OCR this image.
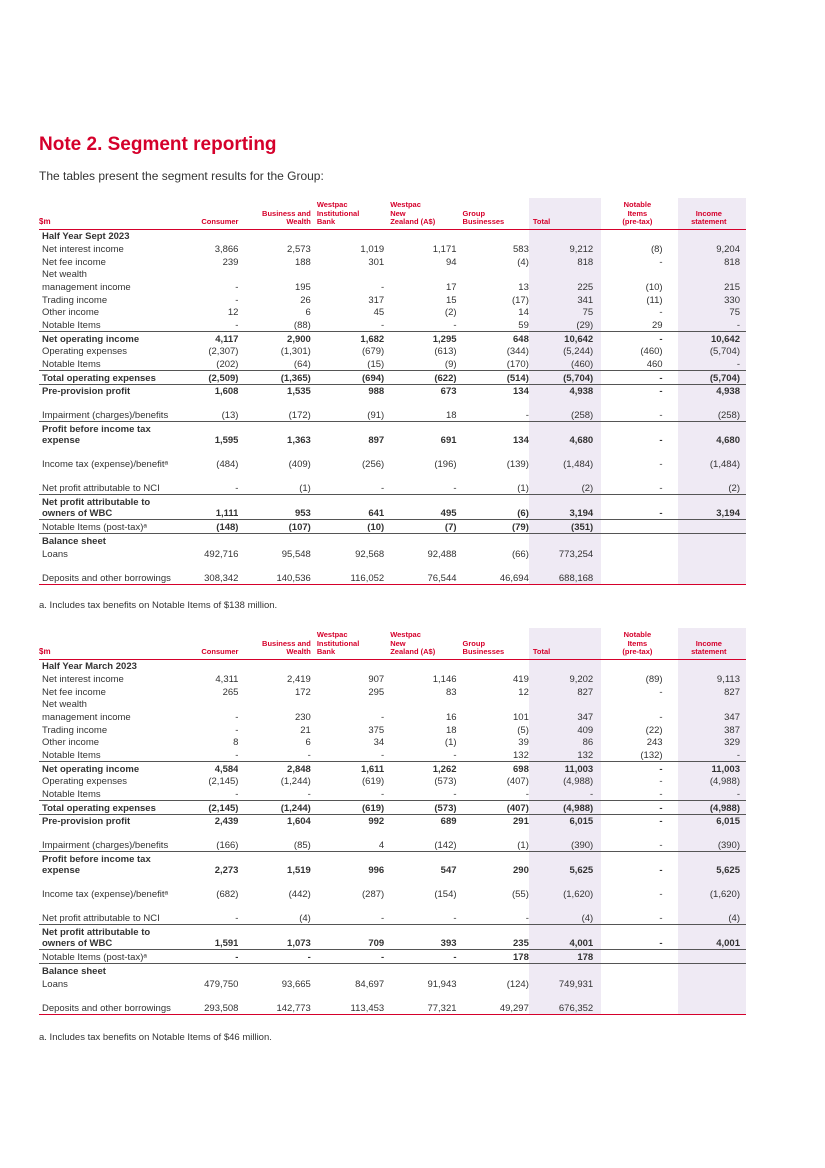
Note 2. Segment reporting

The tables present the segment results for the Group:

$m	Consumer	Business and
Wealth	Westpac
Institutional
Bank	Westpac
New
Zealand (A$)	Group
Businesses	Total	Notable
Items
(pre-tax)		Income
statement
Half Year Sept 2023									
Net interest income	3,866	2,573	1,019	1,171	583	9,212	(8)		9,204
Net fee income	239	188	301	94	(4)	818	-		818
Net wealth									
management income	-	195	-	17	13	225	(10)		215
Trading income	-	26	317	15	(17)	341	(11)		330
Other income	12	6	45	(2)	14	75	-		75
Notable Items	-	(88)	-	-	59	(29)	29		-
Net operating income	4,117	2,900	1,682	1,295	648	10,642	-		10,642
Operating expenses	(2,307)	(1,301)	(679)	(613)	(344)	(5,244)	(460)		(5,704)
Notable Items	(202)	(64)	(15)	(9)	(170)	(460)	460		-
Total operating expenses	(2,509)	(1,365)	(694)	(622)	(514)	(5,704)	-		(5,704)
Pre-provision profit	1,608	1,535	988	673	134	4,938	-		4,938
Impairment (charges)/benefits	(13)	(172)	(91)	18	-	(258)	-		(258)
Profit before income tax expense	1,595	1,363	897	691	134	4,680	-		4,680
Income tax (expense)/benefitᵃ	(484)	(409)	(256)	(196)	(139)	(1,484)	-		(1,484)
Net profit attributable to NCI	-	(1)	-	-	(1)	(2)	-		(2)
Net profit attributable to owners of WBC	1,111	953	641	495	(6)	3,194	-		3,194
Notable Items (post-tax)ᵃ	(148)	(107)	(10)	(7)	(79)	(351)			
Balance sheet									
Loans	492,716	95,548	92,568	92,488	(66)	773,254			
Deposits and other borrowings	308,342	140,536	116,052	76,544	46,694	688,168			

a. Includes tax benefits on Notable Items of $138 million.

$m	Consumer	Business and
Wealth	Westpac
Institutional
Bank	Westpac
New
Zealand (A$)	Group
Businesses	Total	Notable
Items
(pre-tax)		Income
statement
Half Year March 2023									
Net interest income	4,311	2,419	907	1,146	419	9,202	(89)		9,113
Net fee income	265	172	295	83	12	827	-		827
Net wealth									
management income	-	230	-	16	101	347	-		347
Trading income	-	21	375	18	(5)	409	(22)		387
Other income	8	6	34	(1)	39	86	243		329
Notable Items	-	-	-	-	132	132	(132)		-
Net operating income	4,584	2,848	1,611	1,262	698	11,003	-		11,003
Operating expenses	(2,145)	(1,244)	(619)	(573)	(407)	(4,988)	-		(4,988)
Notable Items	-	-	-	-	-	-	-		-
Total operating expenses	(2,145)	(1,244)	(619)	(573)	(407)	(4,988)	-		(4,988)
Pre-provision profit	2,439	1,604	992	689	291	6,015	-		6,015
Impairment (charges)/benefits	(166)	(85)	4	(142)	(1)	(390)	-		(390)
Profit before income tax expense	2,273	1,519	996	547	290	5,625	-		5,625
Income tax (expense)/benefitᵃ	(682)	(442)	(287)	(154)	(55)	(1,620)	-		(1,620)
Net profit attributable to NCI	-	(4)	-	-	-	(4)	-		(4)
Net profit attributable to owners of WBC	1,591	1,073	709	393	235	4,001	-		4,001
Notable Items (post-tax)ᵃ	-	-	-	-	178	178			
Balance sheet									
Loans	479,750	93,665	84,697	91,943	(124)	749,931			
Deposits and other borrowings	293,508	142,773	113,453	77,321	49,297	676,352			

a. Includes tax benefits on Notable Items of $46 million.
